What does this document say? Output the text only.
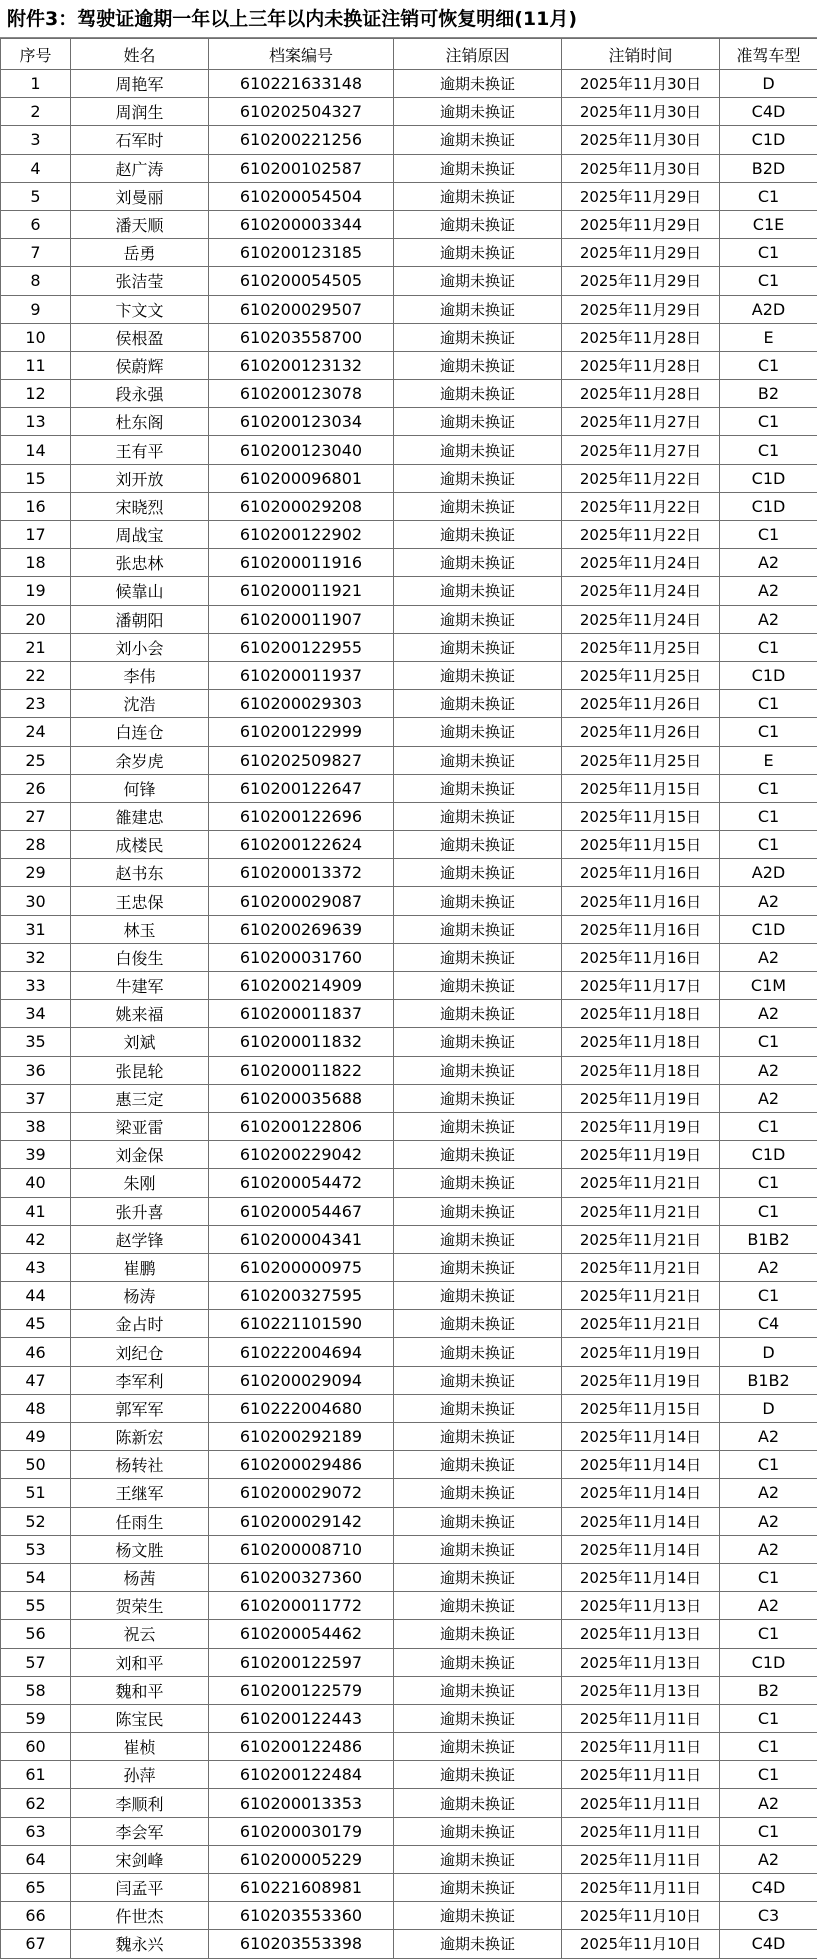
附件3：驾驶证逾期一年以上三年以内未换证注销可恢复明细(11月)
序号	姓名	档案编号	注销原因	注销时间	准驾车型
1	周艳军	610221633148	逾期未换证	2025年11月30日	D
2	周润生	610202504327	逾期未换证	2025年11月30日	C4D
3	石军时	610200221256	逾期未换证	2025年11月30日	C1D
4	赵广涛	610200102587	逾期未换证	2025年11月30日	B2D
5	刘曼丽	610200054504	逾期未换证	2025年11月29日	C1
6	潘天顺	610200003344	逾期未换证	2025年11月29日	C1E
7	岳勇	610200123185	逾期未换证	2025年11月29日	C1
8	张洁莹	610200054505	逾期未换证	2025年11月29日	C1
9	卞文文	610200029507	逾期未换证	2025年11月29日	A2D
10	侯根盈	610203558700	逾期未换证	2025年11月28日	E
11	侯蔚辉	610200123132	逾期未换证	2025年11月28日	C1
12	段永强	610200123078	逾期未换证	2025年11月28日	B2
13	杜东阁	610200123034	逾期未换证	2025年11月27日	C1
14	王有平	610200123040	逾期未换证	2025年11月27日	C1
15	刘开放	610200096801	逾期未换证	2025年11月22日	C1D
16	宋晓烈	610200029208	逾期未换证	2025年11月22日	C1D
17	周战宝	610200122902	逾期未换证	2025年11月22日	C1
18	张忠林	610200011916	逾期未换证	2025年11月24日	A2
19	候靠山	610200011921	逾期未换证	2025年11月24日	A2
20	潘朝阳	610200011907	逾期未换证	2025年11月24日	A2
21	刘小会	610200122955	逾期未换证	2025年11月25日	C1
22	李伟	610200011937	逾期未换证	2025年11月25日	C1D
23	沈浩	610200029303	逾期未换证	2025年11月26日	C1
24	白连仓	610200122999	逾期未换证	2025年11月26日	C1
25	余岁虎	610202509827	逾期未换证	2025年11月25日	E
26	何锋	610200122647	逾期未换证	2025年11月15日	C1
27	雒建忠	610200122696	逾期未换证	2025年11月15日	C1
28	成楼民	610200122624	逾期未换证	2025年11月15日	C1
29	赵书东	610200013372	逾期未换证	2025年11月16日	A2D
30	王忠保	610200029087	逾期未换证	2025年11月16日	A2
31	林玉	610200269639	逾期未换证	2025年11月16日	C1D
32	白俊生	610200031760	逾期未换证	2025年11月16日	A2
33	牛建军	610200214909	逾期未换证	2025年11月17日	C1M
34	姚来福	610200011837	逾期未换证	2025年11月18日	A2
35	刘斌	610200011832	逾期未换证	2025年11月18日	C1
36	张昆轮	610200011822	逾期未换证	2025年11月18日	A2
37	惠三定	610200035688	逾期未换证	2025年11月19日	A2
38	梁亚雷	610200122806	逾期未换证	2025年11月19日	C1
39	刘金保	610200229042	逾期未换证	2025年11月19日	C1D
40	朱刚	610200054472	逾期未换证	2025年11月21日	C1
41	张升喜	610200054467	逾期未换证	2025年11月21日	C1
42	赵学锋	610200004341	逾期未换证	2025年11月21日	B1B2
43	崔鹏	610200000975	逾期未换证	2025年11月21日	A2
44	杨涛	610200327595	逾期未换证	2025年11月21日	C1
45	金占时	610221101590	逾期未换证	2025年11月21日	C4
46	刘纪仓	610222004694	逾期未换证	2025年11月19日	D
47	李军利	610200029094	逾期未换证	2025年11月19日	B1B2
48	郭军军	610222004680	逾期未换证	2025年11月15日	D
49	陈新宏	610200292189	逾期未换证	2025年11月14日	A2
50	杨转社	610200029486	逾期未换证	2025年11月14日	C1
51	王继军	610200029072	逾期未换证	2025年11月14日	A2
52	任雨生	610200029142	逾期未换证	2025年11月14日	A2
53	杨文胜	610200008710	逾期未换证	2025年11月14日	A2
54	杨茜	610200327360	逾期未换证	2025年11月14日	C1
55	贺荣生	610200011772	逾期未换证	2025年11月13日	A2
56	祝云	610200054462	逾期未换证	2025年11月13日	C1
57	刘和平	610200122597	逾期未换证	2025年11月13日	C1D
58	魏和平	610200122579	逾期未换证	2025年11月13日	B2
59	陈宝民	610200122443	逾期未换证	2025年11月11日	C1
60	崔桢	610200122486	逾期未换证	2025年11月11日	C1
61	孙萍	610200122484	逾期未换证	2025年11月11日	C1
62	李顺利	610200013353	逾期未换证	2025年11月11日	A2
63	李会军	610200030179	逾期未换证	2025年11月11日	C1
64	宋剑峰	610200005229	逾期未换证	2025年11月11日	A2
65	闫孟平	610221608981	逾期未换证	2025年11月11日	C4D
66	仵世杰	610203553360	逾期未换证	2025年11月10日	C3
67	魏永兴	610203553398	逾期未换证	2025年11月10日	C4D
